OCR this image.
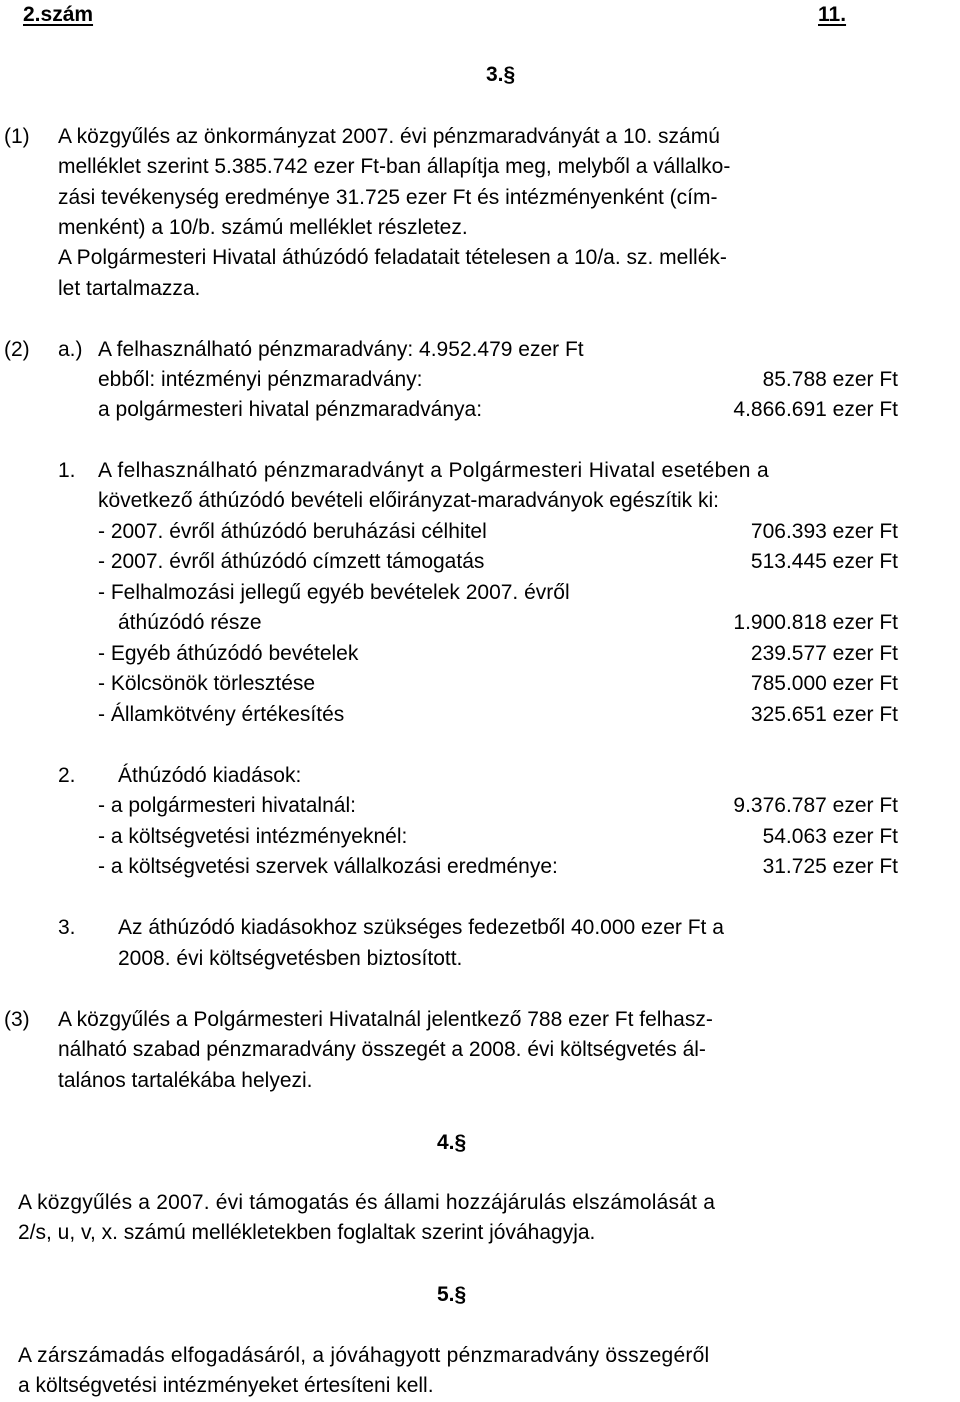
2.szám	11.
3.§
(1) A közgyűlés az önkormányzat 2007. évi pénzmaradványát a 10. számú
melléklet szerint 5.385.742 ezer Ft-ban állapítja meg, melyből a vállalko-
zási tevékenység eredménye 31.725 ezer Ft és intézményenként (cím-
menként) a 10/b. számú melléklet részletez.
A Polgármesteri Hivatal áthúzódó feladatait tételesen a 10/a. sz. mellék-
let tartalmazza.
(2) a.) A felhasználható pénzmaradvány: 4.952.479 ezer Ft
ebből: intézményi pénzmaradvány:	85.788 ezer Ft
a polgármesteri hivatal pénzmaradványa:	4.866.691 ezer Ft
1. A felhasználható pénzmaradványt a Polgármesteri Hivatal esetében a
következő áthúzódó bevételi előirányzat-maradványok egészítik ki:
- 2007. évről áthúzódó beruházási célhitel	706.393 ezer Ft
- 2007. évről áthúzódó címzett támogatás	513.445 ezer Ft
- Felhalmozási jellegű egyéb bevételek 2007. évről
áthúzódó része	1.900.818 ezer Ft
- Egyéb áthúzódó bevételek	239.577 ezer Ft
- Kölcsönök törlesztése	785.000 ezer Ft
- Államkötvény értékesítés	325.651 ezer Ft
2. Áthúzódó kiadások:
- a polgármesteri hivatalnál:	9.376.787 ezer Ft
- a költségvetési intézményeknél:	54.063 ezer Ft
- a költségvetési szervek vállalkozási eredménye:	31.725 ezer Ft
3. Az áthúzódó kiadásokhoz szükséges fedezetből 40.000 ezer Ft a
2008. évi költségvetésben biztosított.
(3) A közgyűlés a Polgármesteri Hivatalnál jelentkező 788 ezer Ft felhasz-
nálható szabad pénzmaradvány összegét a 2008. évi költségvetés ál-
talános tartalékába helyezi.
4.§
A közgyűlés a 2007. évi támogatás és állami hozzájárulás elszámolását a
2/s, u, v, x. számú mellékletekben foglaltak szerint jóváhagyja.
5.§
A zárszámadás elfogadásáról, a jóváhagyott pénzmaradvány összegéről
a költségvetési intézményeket értesíteni kell.
